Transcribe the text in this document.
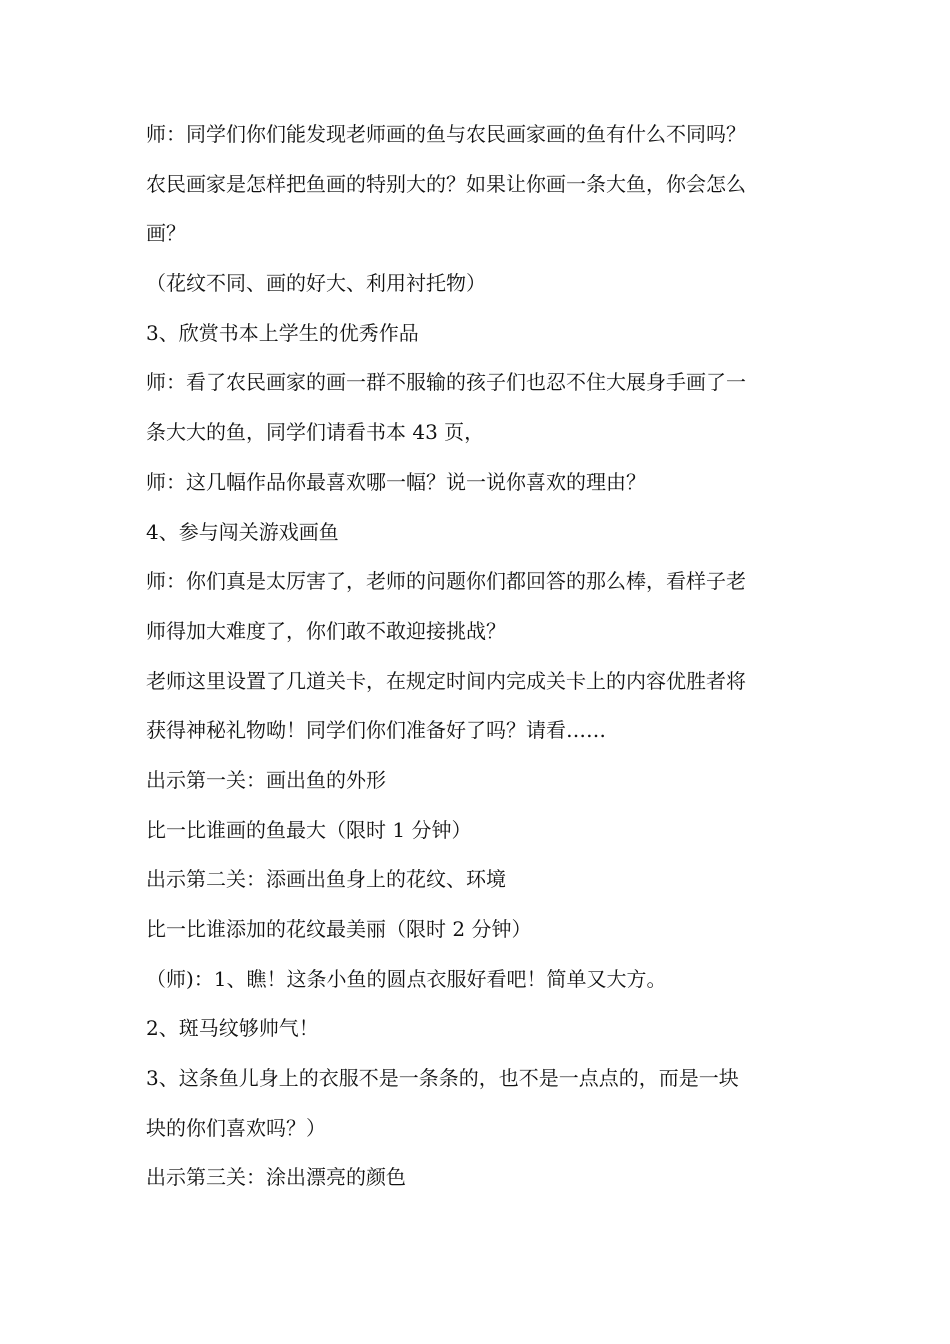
师：同学们你们能发现老师画的鱼与农民画家画的鱼有什么不同吗？
农民画家是怎样把鱼画的特别大的？如果让你画一条大鱼，你会怎么
画？
（花纹不同、画的好大、利用衬托物）
3、欣赏书本上学生的优秀作品
师：看了农民画家的画一群不服输的孩子们也忍不住大展身手画了一
条大大的鱼，同学们请看书本 43 页，
师：这几幅作品你最喜欢哪一幅？说一说你喜欢的理由？
4、参与闯关游戏画鱼
师：你们真是太厉害了，老师的问题你们都回答的那么棒，看样子老
师得加大难度了，你们敢不敢迎接挑战？
老师这里设置了几道关卡，在规定时间内完成关卡上的内容优胜者将
获得神秘礼物呦！同学们你们准备好了吗？请看……
出示第一关：画出鱼的外形
比一比谁画的鱼最大（限时 1 分钟）
出示第二关：添画出鱼身上的花纹、环境
比一比谁添加的花纹最美丽（限时 2 分钟）
（师)：1、瞧！这条小鱼的圆点衣服好看吧！简单又大方。
2、斑马纹够帅气！
3、这条鱼儿身上的衣服不是一条条的，也不是一点点的，而是一块
块的你们喜欢吗？）
出示第三关：涂出漂亮的颜色
